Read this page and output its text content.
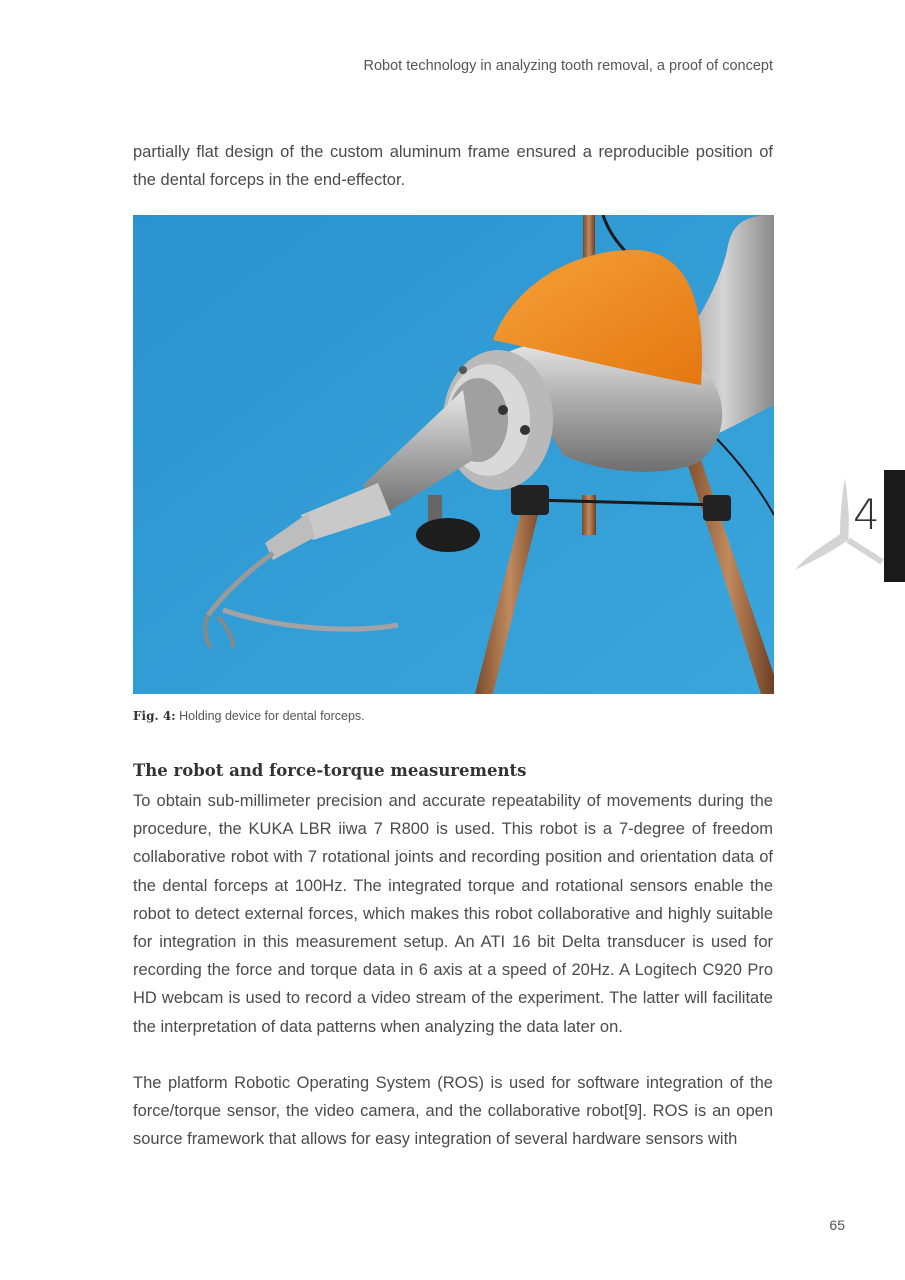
Robot technology in analyzing tooth removal, a proof of concept
partially flat design of the custom aluminum frame ensured a reproducible position of the dental forceps in the end-effector.
Fig. 4: Holding device for dental forceps.
The robot and force-torque measurements
To obtain sub-millimeter precision and accurate repeatability of movements during the procedure, the KUKA LBR iiwa 7 R800 is used. This robot is a 7-degree of freedom collaborative robot with 7 rotational joints and recording position and orientation data of the dental forceps at 100Hz. The integrated torque and rotational sensors enable the robot to detect external forces, which makes this robot collaborative and highly suitable for integration in this measurement setup. An ATI 16 bit Delta transducer is used for recording the force and torque data in 6 axis at a speed of 20Hz. A Logitech C920 Pro HD webcam is used to record a video stream of the experiment. The latter will facilitate the interpretation of data patterns when analyzing the data later on.
The platform Robotic Operating System (ROS) is used for software integration of the force/torque sensor, the video camera, and the collaborative robot[9]. ROS is an open source framework that allows for easy integration of several hardware sensors with
4
65
